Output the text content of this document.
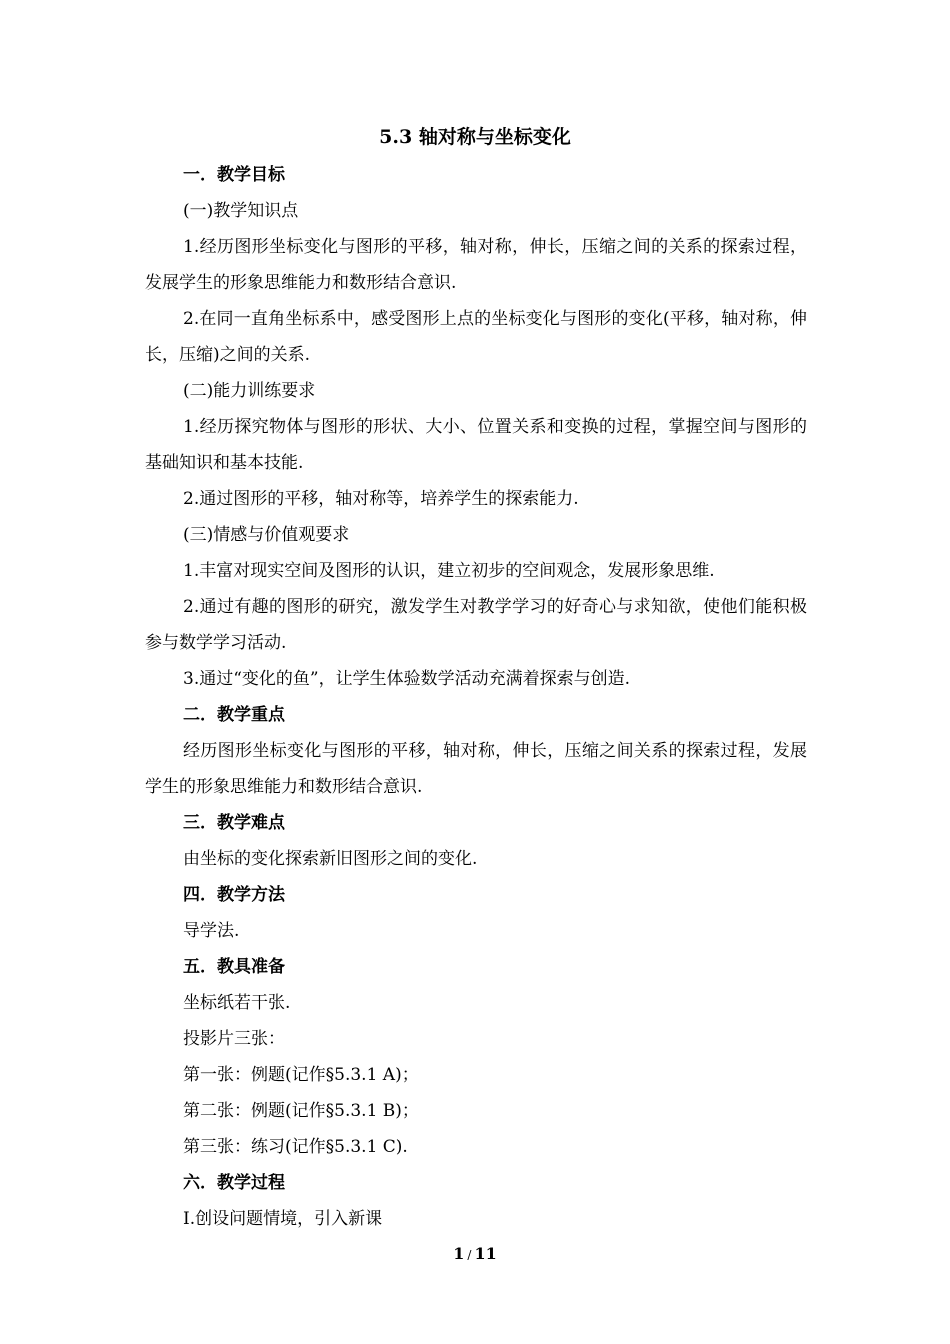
5.3 轴对称与坐标变化

一．教学目标

(一)教学知识点

1.经历图形坐标变化与图形的平移，轴对称，伸长，压缩之间的关系的探索过程，发展学生的形象思维能力和数形结合意识.

2.在同一直角坐标系中，感受图形上点的坐标变化与图形的变化(平移，轴对称，伸长，压缩)之间的关系.

(二)能力训练要求

1.经历探究物体与图形的形状、大小、位置关系和变换的过程，掌握空间与图形的基础知识和基本技能.

2.通过图形的平移，轴对称等，培养学生的探索能力.

(三)情感与价值观要求

1.丰富对现实空间及图形的认识，建立初步的空间观念，发展形象思维.

2.通过有趣的图形的研究，激发学生对教学学习的好奇心与求知欲，使他们能积极参与数学学习活动.

3.通过“变化的鱼”，让学生体验数学活动充满着探索与创造.

二．教学重点

经历图形坐标变化与图形的平移，轴对称，伸长，压缩之间关系的探索过程，发展学生的形象思维能力和数形结合意识.

三．教学难点

由坐标的变化探索新旧图形之间的变化.

四．教学方法

导学法.

五．教具准备

坐标纸若干张.

投影片三张：

第一张：例题(记作§5.3.1 A)；

第二张：例题(记作§5.3.1 B)；

第三张：练习(记作§5.3.1 C).

六．教学过程

Ⅰ.创设问题情境，引入新课

1 / 11
